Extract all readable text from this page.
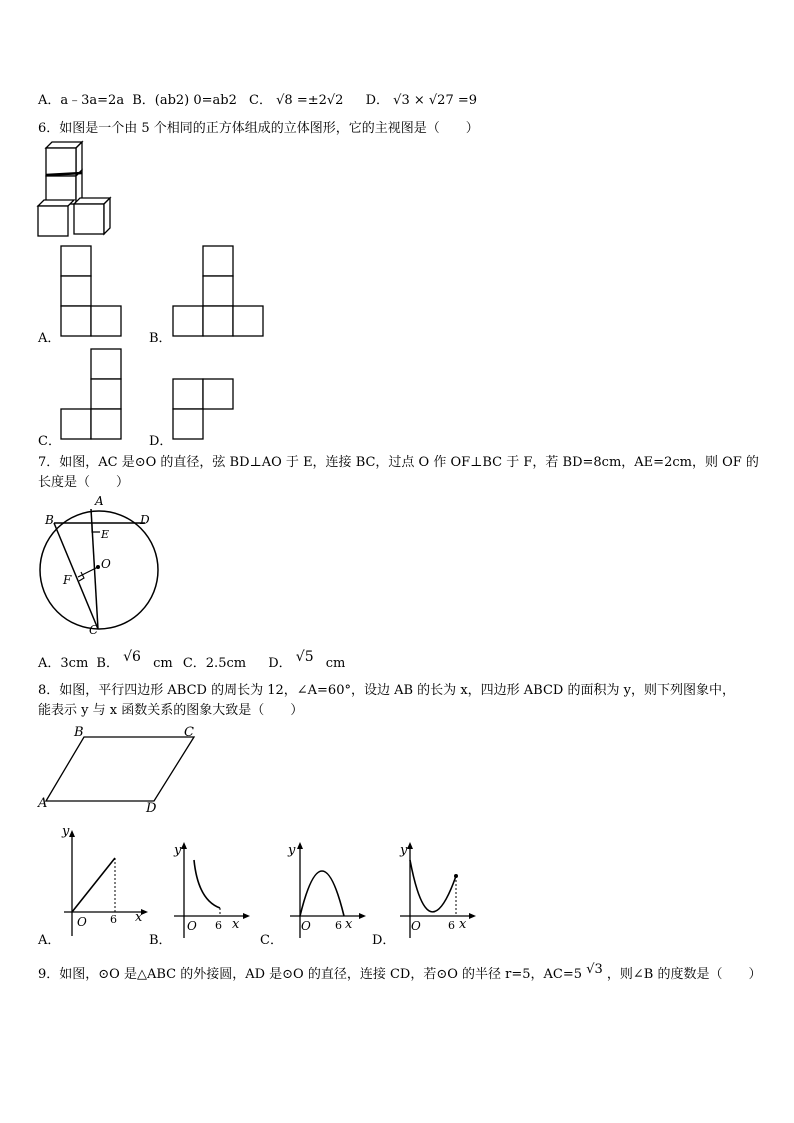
A．a﹣3a=2a B．(ab2) 0=ab2 C． √8 =±2√2 D． √3 × √27 =9
6．如图是一个由 5 个相同的正方体组成的立体图形，它的主视图是（　　）
A．	B．
C．	D．
7．如图，AC 是⊙O 的直径，弦 BD⊥AO 于 E，连接 BC，过点 O 作 OF⊥BC 于 F，若 BD=8cm，AE=2cm，则 OF 的
长度是（　　）
A
B	D
E
O
F
C
A．3cm B． √6 cm C．2.5cm D． √5 cm
8．如图，平行四边形 ABCD 的周长为 12，∠A=60°，设边 AB 的长为 x，四边形 ABCD 的面积为 y，则下列图象中，
能表示 y 与 x 函数关系的图象大致是（　　）
B	C
A	D
y
O 6 x
A．
y
O 6 x
B．
y
O 6 x
C．
y
O 6 x
D．
9．如图，⊙O 是△ABC 的外接圆，AD 是⊙O 的直径，连接 CD，若⊙O 的半径 r=5，AC=5 √3 ，则∠B 的度数是（　　）
